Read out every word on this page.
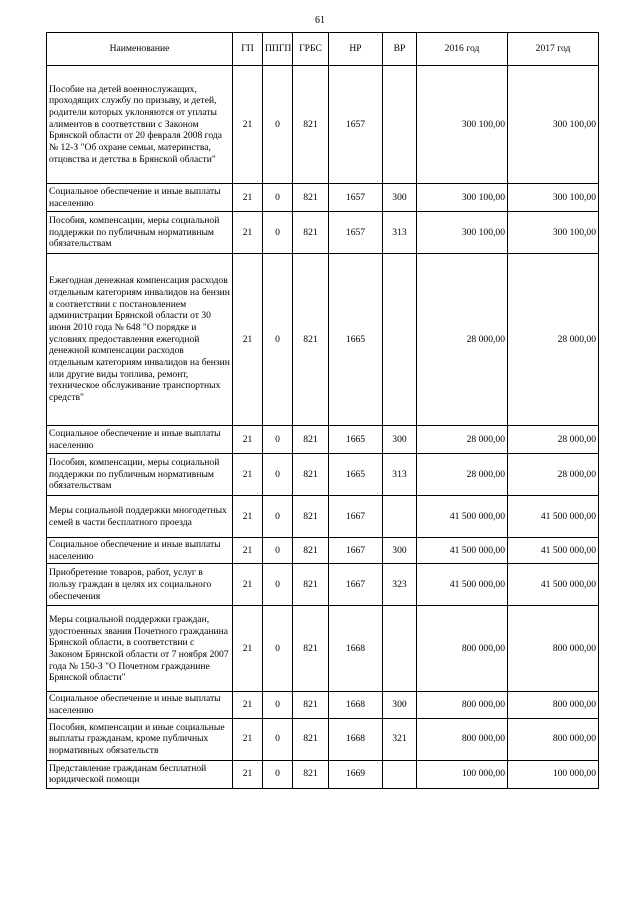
61
Наименование	ГП	ППГП	ГРБС	НР	ВР	2016 год	2017 год
Пособие на детей военнослужащих, проходящих службу по призыву, и детей, родители которых уклоняются от уплаты алиментов в соответствии с Законом Брянской области от 20 февраля 2008 года № 12-З "Об охране семьи, материнства, отцовства и детства в Брянской области"	21	0	821	1657		300 100,00	300 100,00
Социальное обеспечение и иные выплаты населению	21	0	821	1657	300	300 100,00	300 100,00
Пособия, компенсации, меры социальной поддержки по публичным нормативным обязательствам	21	0	821	1657	313	300 100,00	300 100,00
Ежегодная денежная компенсация расходов отдельным категориям инвалидов на бензин в соответствии с постановлением администрации Брянской области от 30 июня 2010 года № 648 "О порядке и условиях предоставления ежегодной денежной компенсации расходов отдельным категориям инвалидов на бензин или другие виды топлива, ремонт, техническое обслуживание транспортных средств"	21	0	821	1665		28 000,00	28 000,00
Социальное обеспечение и иные выплаты населению	21	0	821	1665	300	28 000,00	28 000,00
Пособия, компенсации, меры социальной поддержки по публичным нормативным обязательствам	21	0	821	1665	313	28 000,00	28 000,00
Меры социальной поддержки многодетных семей в части бесплатного проезда	21	0	821	1667		41 500 000,00	41 500 000,00
Социальное обеспечение и иные выплаты населению	21	0	821	1667	300	41 500 000,00	41 500 000,00
Приобретение товаров, работ, услуг в пользу граждан в целях их социального обеспечения	21	0	821	1667	323	41 500 000,00	41 500 000,00
Меры социальной поддержки граждан, удостоенных звания Почетного гражданина Брянской области, в соответствии с Законом Брянской области от 7 ноября 2007 года № 150-З "О Почетном гражданине Брянской области"	21	0	821	1668		800 000,00	800 000,00
Социальное обеспечение и иные выплаты населению	21	0	821	1668	300	800 000,00	800 000,00
Пособия, компенсации и иные социальные выплаты гражданам, кроме публичных нормативных обязательств	21	0	821	1668	321	800 000,00	800 000,00
Представление гражданам бесплатной юридической помощи	21	0	821	1669		100 000,00	100 000,00
